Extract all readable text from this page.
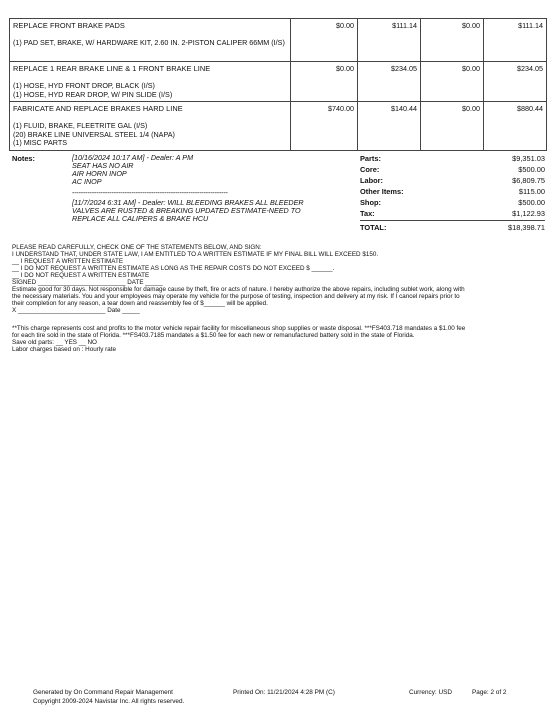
REPLACE FRONT BRAKE PADS
(1) PAD SET, BRAKE, W/ HARDWARE KIT, 2.60 IN. 2-PISTON CALIPER 66MM (I/S)	$0.00	$111.14	$0.00	$111.14

REPLACE 1 REAR BRAKE LINE & 1 FRONT BRAKE LINE
(1) HOSE, HYD FRONT DROP, BLACK (I/S)
(1) HOSE, HYD REAR DROP, W/ PIN SLIDE (I/S)	$0.00	$234.05	$0.00	$234.05

FABRICATE AND REPLACE BRAKES HARD LINE
(1) FLUID, BRAKE, FLEETRITE GAL (I/S)
(20) BRAKE LINE UNIVERSAL STEEL 1/4 (NAPA)
(1) MISC PARTS	$740.00	$140.44	$0.00	$880.44
Notes:	[10/16/2024 10:17 AM] - Dealer: A PM
SEAT HAS NO AIR
AIR HORN INOP
AC INOP
-----------------------------------------------------------------------
[11/7/2024 6:31 AM] - Dealer: WILL BLEEDING BRAKES ALL BLEEDER
VALVES ARE RUSTED & BREAKING UPDATED ESTIMATE-NEED TO
REPLACE ALL CALIPERS & BRAKE HCU
Parts:	$9,351.03
Core:	$500.00
Labor:	$6,809.75
Other Items:	$115.00
Shop:	$500.00
Tax:	$1,122.93
TOTAL:	$18,398.71
PLEASE READ CAREFULLY, CHECK ONE OF THE STATEMENTS BELOW, AND SIGN:
I UNDERSTAND THAT, UNDER STATE LAW, I AM ENTITLED TO A WRITTEN ESTIMATE IF MY FINAL BILL WILL EXCEED $150.
__ I REQUEST A WRITTEN ESTIMATE
__ I DO NOT REQUEST A WRITTEN ESTIMATE AS LONG AS THE REPAIR COSTS DO NOT EXCEED $ ______.
__ I DO NOT REQUEST A WRITTEN ESTIMATE
SIGNED _________________________ DATE _____
Estimate good for 30 days. Not responsible for damage cause by theft, fire or acts of nature. I hereby authorize the above repairs, including sublet work, along with
the necessary materials. You and your employees may operate my vehicle for the purpose of testing, inspection and delivery at my risk. If I cancel repairs prior to
their completion for any reason, a tear down and reassembly fee of $______ will be applied.
X _________________________ Date _____
**This charge represents cost and profits to the motor vehicle repair facility for miscellaneous shop supplies or waste disposal. ***FS403.718 mandates a $1.00 fee
for each tire sold in the state of Florida. ***FS403.7185 mandates a $1.50 fee for each new or remanufactured battery sold in the state of Florida.
Save old parts: __ YES __ NO
Labor charges based on : Hourly rate
Generated by On Command Repair Management	Printed On: 11/21/2024 4:28 PM (C)	Currency: USD	Page: 2 of 2
Copyright 2009-2024 Navistar Inc. All rights reserved.
